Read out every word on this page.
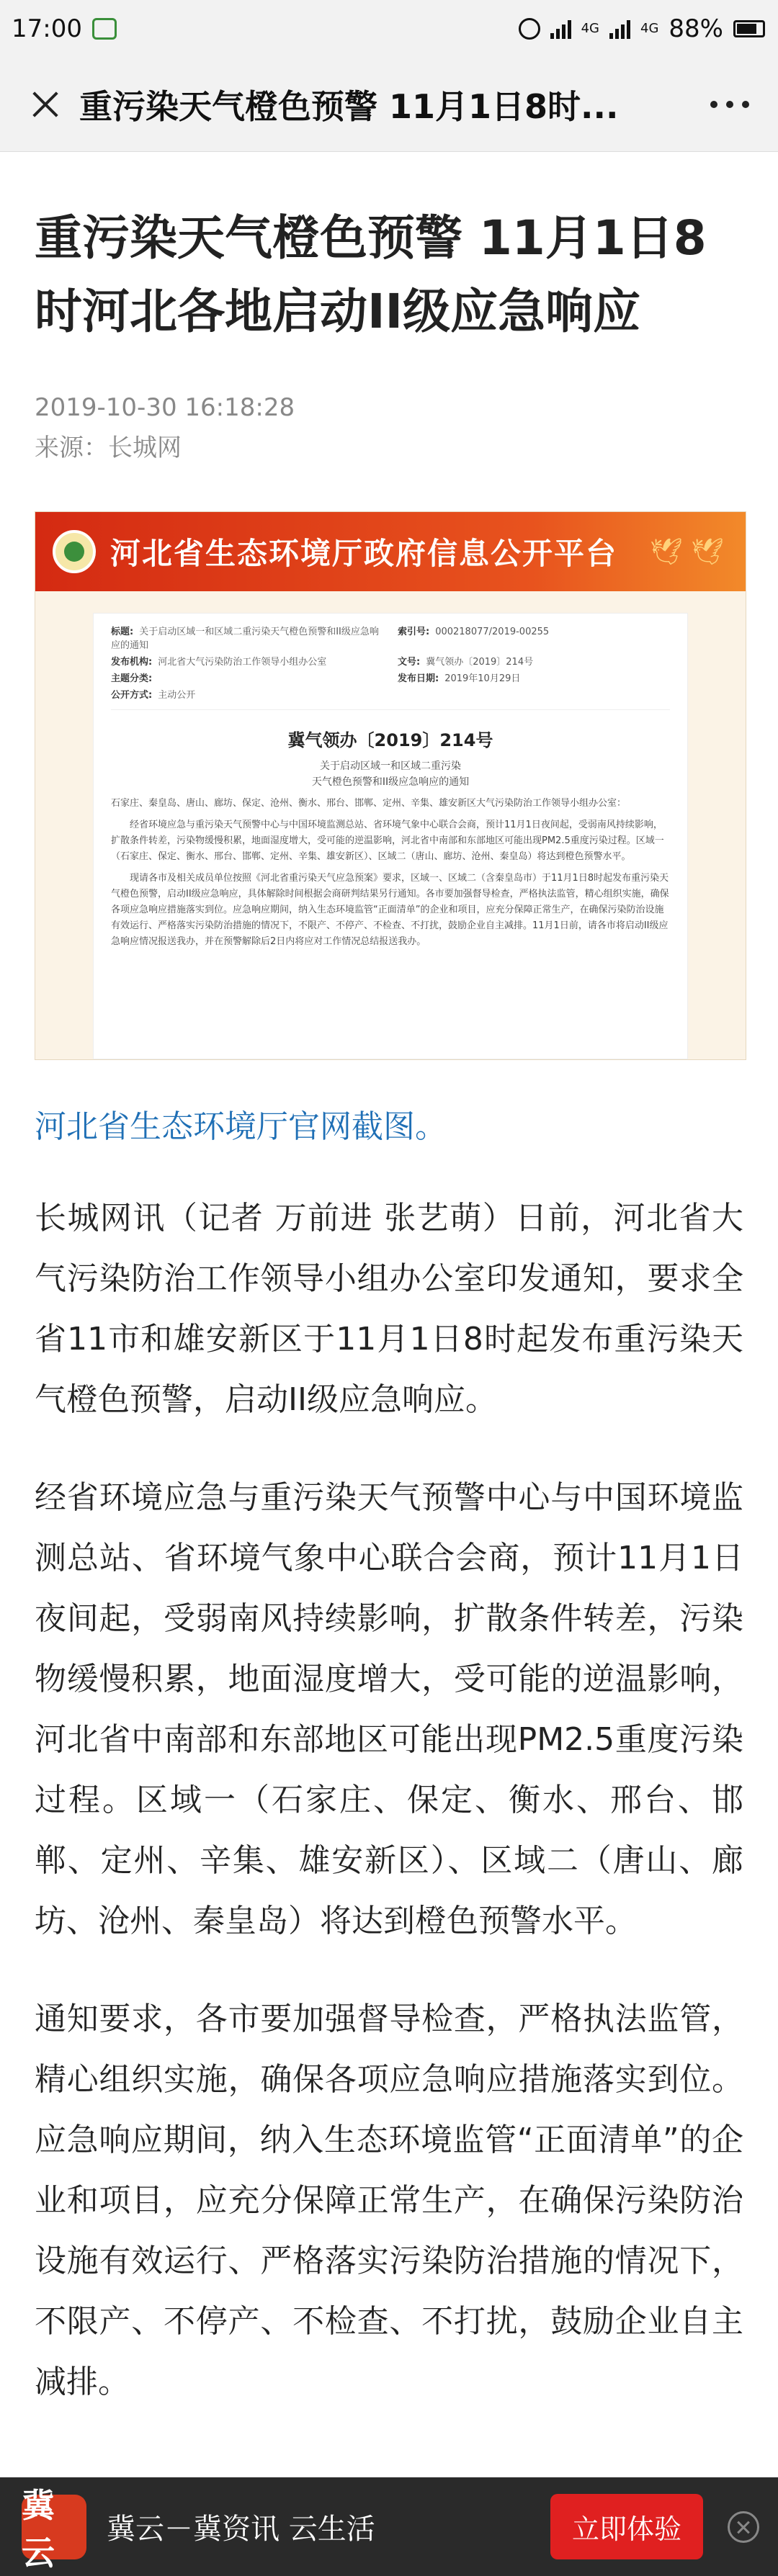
17:00	4G	4G 88%
重污染天气橙色预警 11月1日8时...
重污染天气橙色预警 11月1日8时河北各地启动II级应急响应
2019-10-30 16:18:28
来源：长城网
河北省生态环境厅政府信息公开平台 🕊 🕊
标题: 关于启动区域一和区域二重污染天气橙色预警和II级应急响应的通知
索引号: 000218077/2019-00255
发布机构: 河北省大气污染防治工作领导小组办公室	文号: 冀气领办〔2019〕214号
主题分类:	发布日期: 2019年10月29日
公开方式: 主动公开
冀气领办〔2019〕214号
关于启动区域一和区域二重污染
天气橙色预警和II级应急响应的通知
石家庄、秦皇岛、唐山、廊坊、保定、沧州、衡水、邢台、邯郸、定州、辛集、雄安新区大气污染防治工作领导小组办公室：
经省环境应急与重污染天气预警中心与中国环境监测总站、省环境气象中心联合会商，预计11月1日夜间起，受弱南风持续影响，扩散条件转差，污染物缓慢积累，地面湿度增大，受可能的逆温影响，河北省中南部和东部地区可能出现PM2.5重度污染过程。区域一（石家庄、保定、衡水、邢台、邯郸、定州、辛集、雄安新区）、区域二（唐山、廊坊、沧州、秦皇岛）将达到橙色预警水平。
现请各市及相关成员单位按照《河北省重污染天气应急预案》要求，区域一、区域二（含秦皇岛市）于11月1日8时起发布重污染天气橙色预警，启动II级应急响应，具体解除时间根据会商研判结果另行通知。各市要加强督导检查，严格执法监管，精心组织实施，确保各项应急响应措施落实到位。应急响应期间，纳入生态环境监管“正面清单”的企业和项目，应充分保障正常生产，在确保污染防治设施有效运行、严格落实污染防治措施的情况下，不限产、不停产、不检查、不打扰，鼓励企业自主减排。11月1日前，请各市将启动II级应急响应情况报送我办，并在预警解除后2日内将应对工作情况总结报送我办。
河北省生态环境厅官网截图。

长城网讯（记者 万前进 张艺萌）日前，河北省大气污染防治工作领导小组办公室印发通知，要求全省11市和雄安新区于11月1日8时起发布重污染天气橙色预警，启动II级应急响应。

经省环境应急与重污染天气预警中心与中国环境监测总站、省环境气象中心联合会商，预计11月1日夜间起，受弱南风持续影响，扩散条件转差，污染物缓慢积累，地面湿度增大，受可能的逆温影响，河北省中南部和东部地区可能出现PM2.5重度污染过程。区域一（石家庄、保定、衡水、邢台、邯郸、定州、辛集、雄安新区）、区域二（唐山、廊坊、沧州、秦皇岛）将达到橙色预警水平。

通知要求，各市要加强督导检查，严格执法监管，精心组织实施，确保各项应急响应措施落实到位。应急响应期间，纳入生态环境监管“正面清单”的企业和项目，应充分保障正常生产，在确保污染防治设施有效运行、严格落实污染防治措施的情况下，不限产、不停产、不检查、不打扰，鼓励企业自主减排。

冀云
冀云－冀资讯 云生活	立即体验
